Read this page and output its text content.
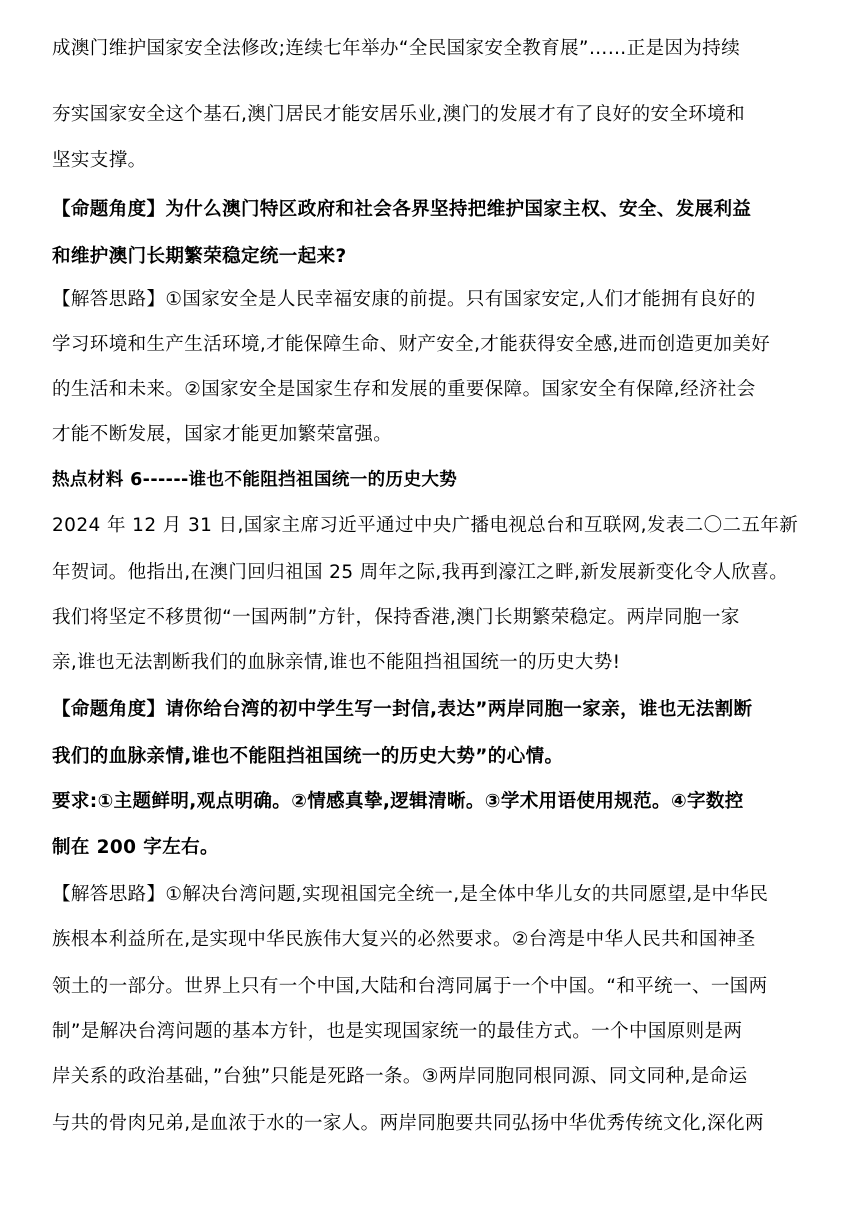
成澳门维护国家安全法修改;连续七年举办“全民国家安全教育展”……正是因为持续
夯实国家安全这个基石,澳门居民才能安居乐业,澳门的发展才有了良好的安全环境和
坚实支撑。
【命题角度】为什么澳门特区政府和社会各界坚持把维护国家主权、安全、发展利益
和维护澳门长期繁荣稳定统一起来?
【解答思路】①国家安全是人民幸福安康的前提。只有国家安定,人们才能拥有良好的
学习环境和生产生活环境,才能保障生命、财产安全,才能获得安全感,进而创造更加美好
的生活和未来。②国家安全是国家生存和发展的重要保障。国家安全有保障,经济社会
才能不断发展，国家才能更加繁荣富强。
热点材料 6------谁也不能阻挡祖国统一的历史大势
2024 年 12 月 31 日,国家主席习近平通过中央广播电视总台和互联网,发表二〇二五年新
年贺词。他指出,在澳门回归祖国 25 周年之际,我再到濠江之畔,新发展新变化令人欣喜。
我们将坚定不移贯彻“一国两制”方针，保持香港,澳门长期繁荣稳定。两岸同胞一家
亲,谁也无法割断我们的血脉亲情,谁也不能阻挡祖国统一的历史大势!
【命题角度】请你给台湾的初中学生写一封信,表达”两岸同胞一家亲，谁也无法割断
我们的血脉亲情,谁也不能阻挡祖国统一的历史大势”的心情。
要求:①主题鲜明,观点明确。②情感真挚,逻辑清晰。③学术用语使用规范。④字数控
制在 200 字左右。
【解答思路】①解决台湾问题,实现祖国完全统一,是全体中华儿女的共同愿望,是中华民
族根本利益所在,是实现中华民族伟大复兴的必然要求。②台湾是中华人民共和国神圣
领土的一部分。世界上只有一个中国,大陆和台湾同属于一个中国。“和平统一、一国两
制”是解决台湾问题的基本方针，也是实现国家统一的最佳方式。一个中国原则是两
岸关系的政治基础，”台独”只能是死路一条。③两岸同胞同根同源、同文同种,是命运
与共的骨肉兄弟,是血浓于水的一家人。两岸同胞要共同弘扬中华优秀传统文化,深化两
